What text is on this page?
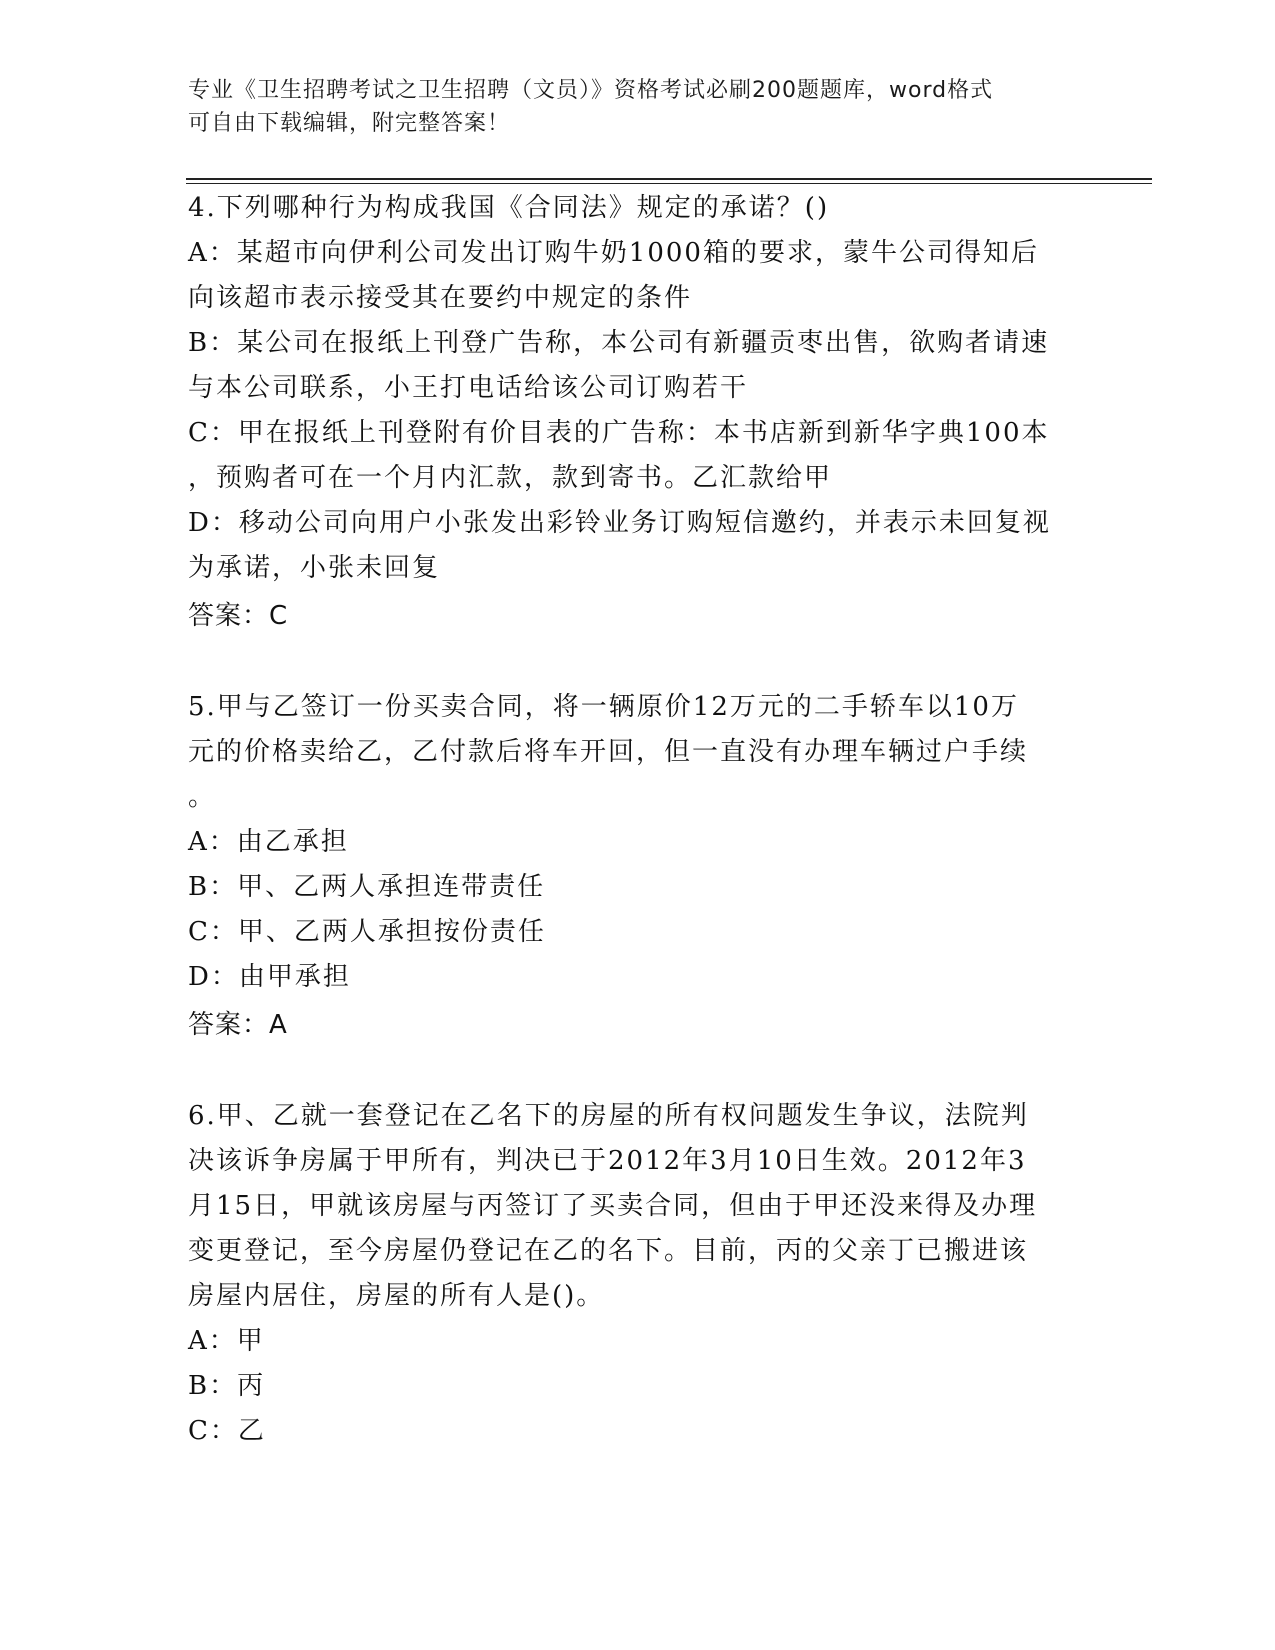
专业《卫生招聘考试之卫生招聘（文员）》资格考试必刷200题题库，word格式
可自由下载编辑，附完整答案！
4.下列哪种行为构成我国《合同法》规定的承诺？()
A：某超市向伊利公司发出订购牛奶1000箱的要求，蒙牛公司得知后
向该超市表示接受其在要约中规定的条件
B：某公司在报纸上刊登广告称，本公司有新疆贡枣出售，欲购者请速
与本公司联系，小王打电话给该公司订购若干
C：甲在报纸上刊登附有价目表的广告称：本书店新到新华字典100本
，预购者可在一个月内汇款，款到寄书。乙汇款给甲
D：移动公司向用户小张发出彩铃业务订购短信邀约，并表示未回复视
为承诺，小张未回复
答案：C
5.甲与乙签订一份买卖合同，将一辆原价12万元的二手轿车以10万
元的价格卖给乙，乙付款后将车开回，但一直没有办理车辆过户手续
。
A：由乙承担
B：甲、乙两人承担连带责任
C：甲、乙两人承担按份责任
D：由甲承担
答案：A
6.甲、乙就一套登记在乙名下的房屋的所有权问题发生争议，法院判
决该诉争房属于甲所有，判决已于2012年3月10日生效。2012年3
月15日，甲就该房屋与丙签订了买卖合同，但由于甲还没来得及办理
变更登记，至今房屋仍登记在乙的名下。目前，丙的父亲丁已搬进该
房屋内居住，房屋的所有人是()。
A：甲
B：丙
C：乙
